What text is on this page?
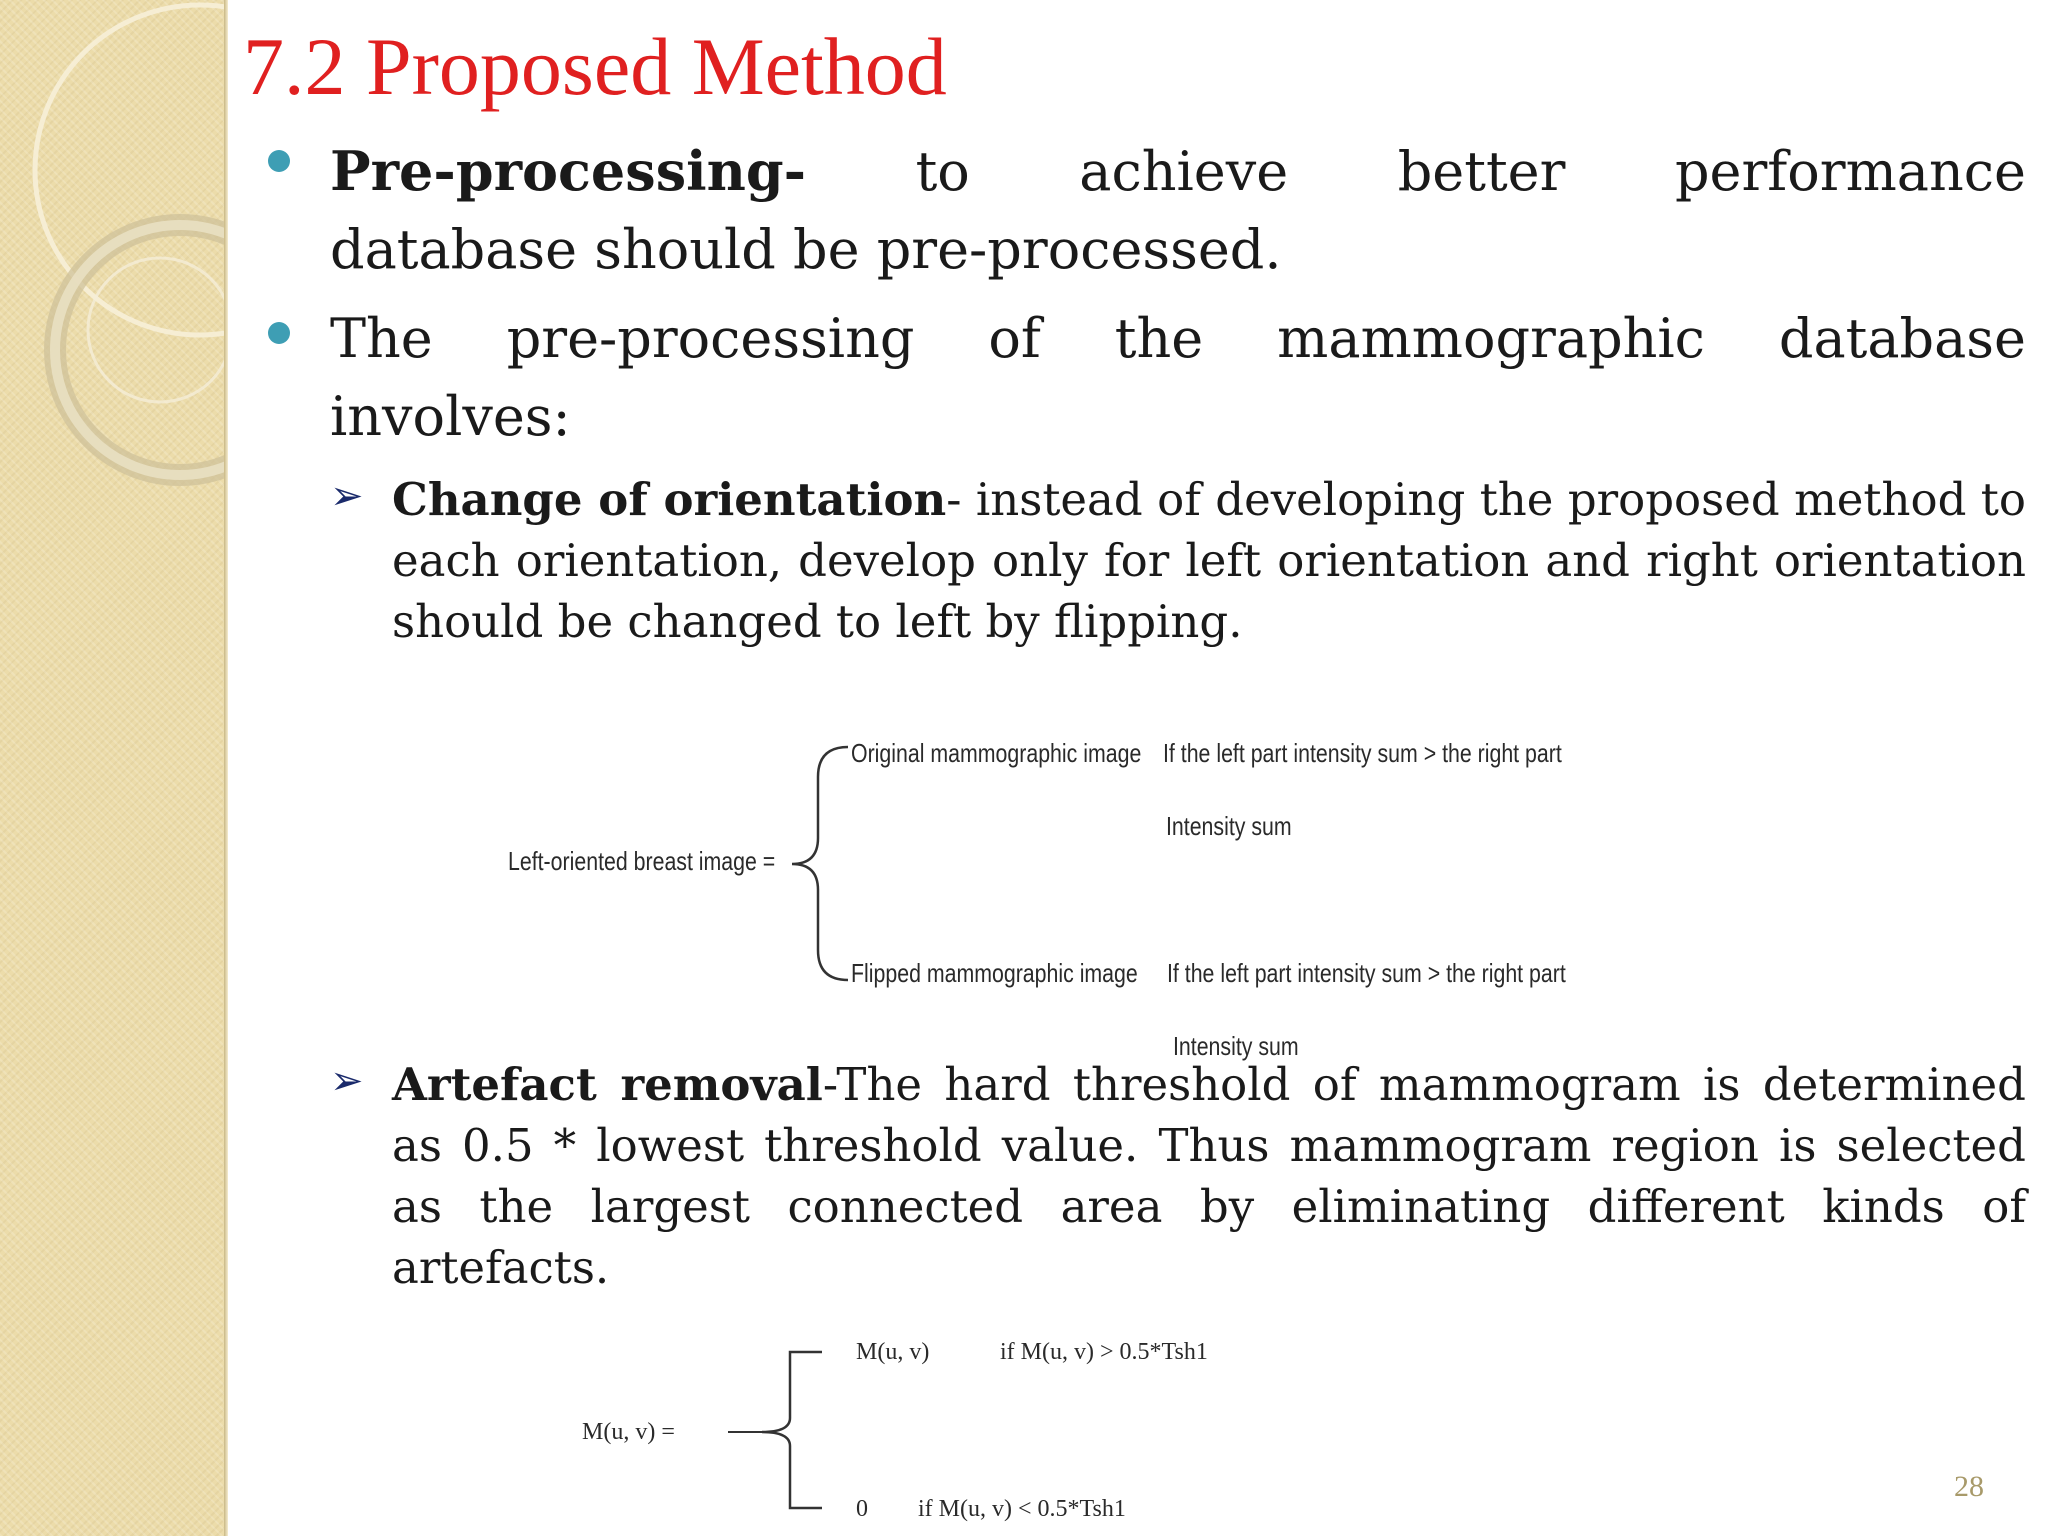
7.2 Proposed Method
Pre-processing- to achieve better performance
database should be pre-processed.
The pre-processing of the mammographic database
involves:
➢ Change of orientation- instead of developing the proposed method to each orientation, develop only for left orientation and right orientation should be changed to left by flipping.

Left-oriented breast image =
Original mammographic image If the left part intensity sum > the right part
Intensity sum
Flipped mammographic image If the left part intensity sum > the right part
Intensity sum
➢ Artefact removal-The hard threshold of mammogram is determined as 0.5 * lowest threshold value. Thus mammogram region is selected as the largest connected area by eliminating different kinds of artefacts.

M(u, v) =
M(u, v)	if M(u, v) > 0.5*Tsh1
0 if M(u, v) < 0.5*Tsh1
28
